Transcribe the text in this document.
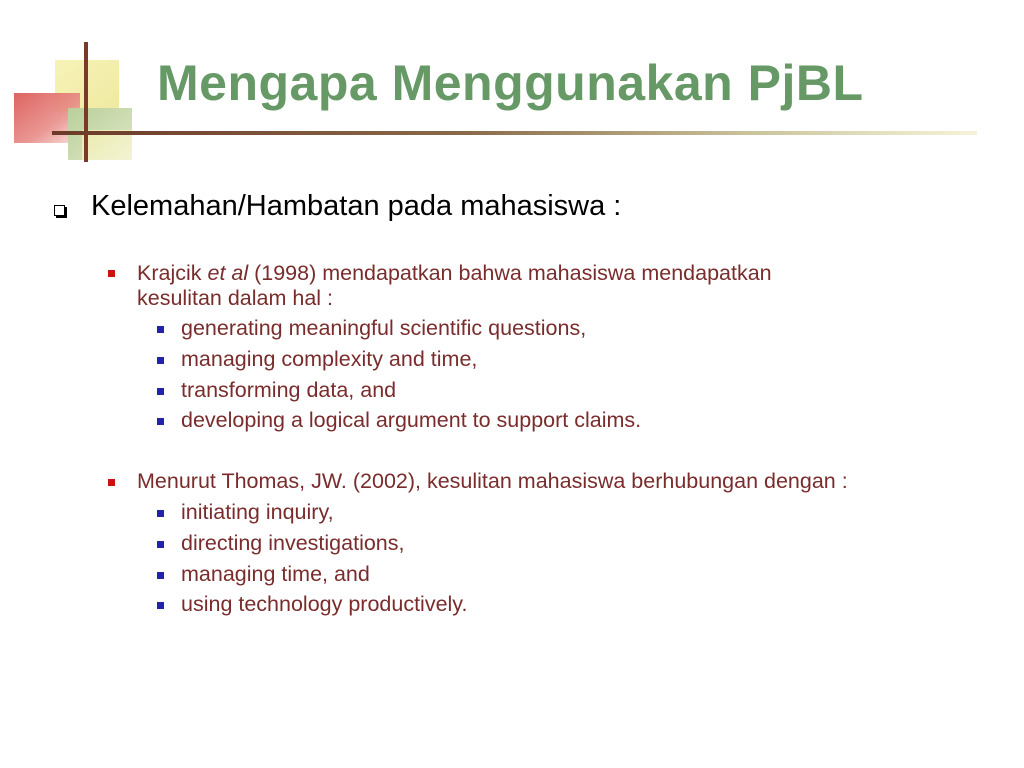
Mengapa Menggunakan PjBL
Kelemahan/Hambatan pada mahasiswa :
Krajcik et al (1998) mendapatkan bahwa mahasiswa mendapatkan
kesulitan dalam hal :
generating meaningful scientific questions,
managing complexity and time,
transforming data, and
developing a logical argument to support claims.
Menurut Thomas, JW. (2002), kesulitan mahasiswa berhubungan dengan :
initiating inquiry,
directing investigations,
managing time, and
using technology productively.
